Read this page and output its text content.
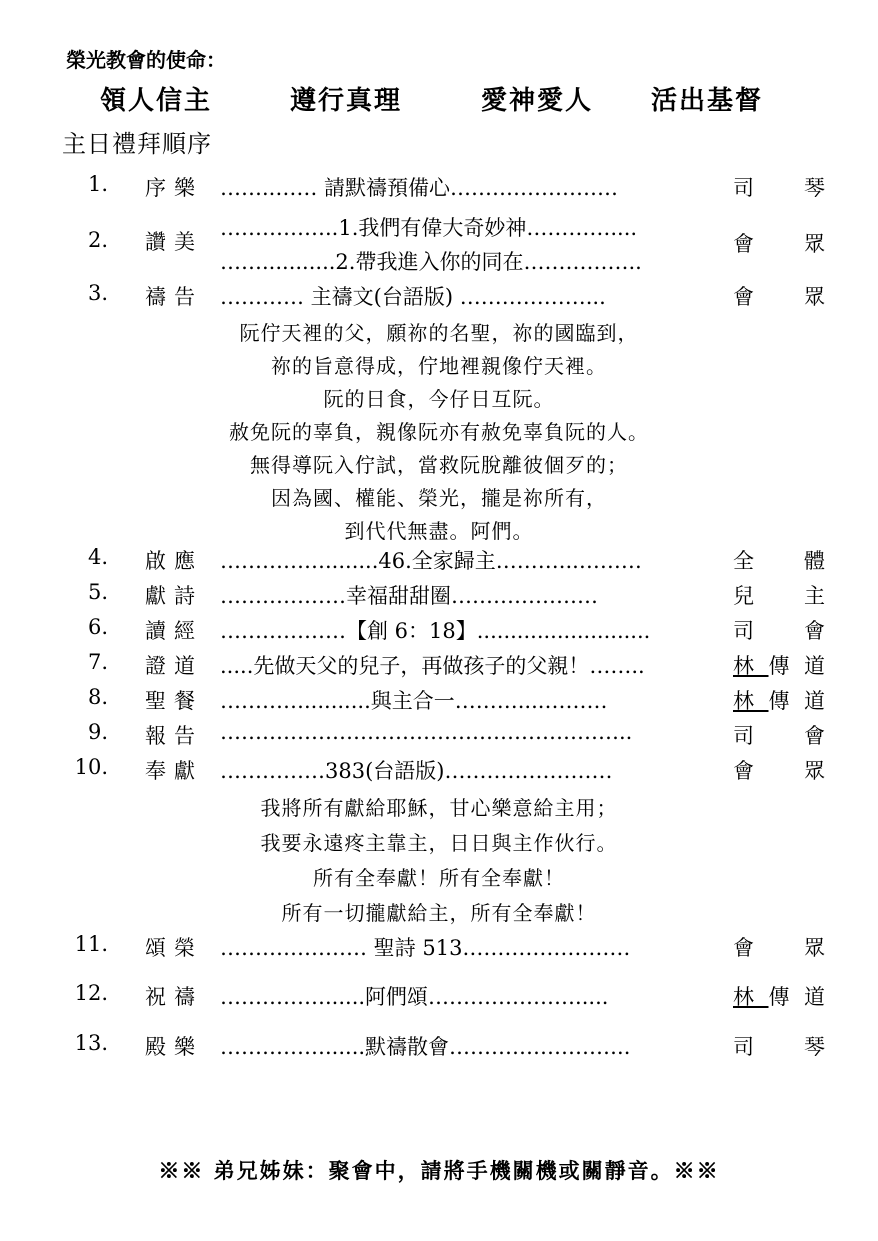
榮光教會的使命：
領人信主	遵行真理	愛神愛人 活出基督
主日禮拜順序
1. 序樂 ……..…… 請默禱預備心……………………	司琴
2. 讚美
……………..1.我們有偉大奇妙神…………....
……...........2.帶我進入你的同在……………..
會眾
3. 禱告 ………… 主禱文(台語版) ………………...	會眾
阮佇天裡的父，願祢的名聖，祢的國臨到，
祢的旨意得成，佇地裡親像佇天裡。
阮的日食，今仔日互阮。
赦免阮的辜負，親像阮亦有赦免辜負阮的人。
無得導阮入佇試，當救阮脫離彼個歹的；
因為國、權能、榮光，攏是祢所有，
到代代無盡。阿們。
4. 啟應 ……………........46.全家歸主………...………	全體
5. 獻詩 ………………幸福甜甜圈…………………	兒主
6. 讀經 ………………【創 6：18】..........................	司會
7. 證道 .....先做天父的兒子，再做孩子的父親！……..	林傳道
8. 聖餐 …………..........與主合一………....………	林傳道
9. 報告 …………………………………………………..	司會
10. 奉獻 ……………383(台語版)……………………	會眾
我將所有獻給耶穌，甘心樂意給主用；
我要永遠疼主靠主，日日與主作伙行。
所有全奉獻！所有全奉獻！
所有一切攏獻給主，所有全奉獻！
11. 頌榮 ………………… 聖詩 513……………………	會眾
12. 祝禱 ……………......阿們頌………………….....	林傳道
13. 殿樂 ……………......默禱散會……………………..	司琴
※※ 弟兄姊妹：聚會中，請將手機關機或關靜音。※※
